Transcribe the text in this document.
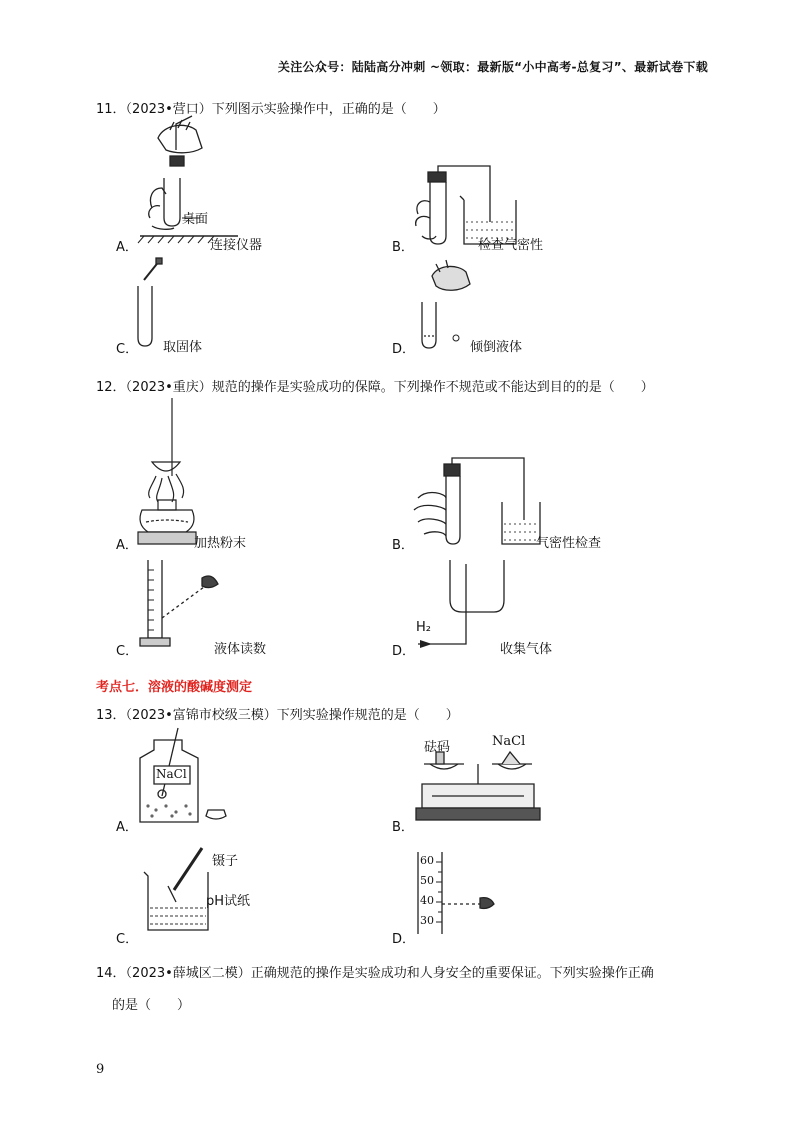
关注公众号：陆陆高分冲刺 ~领取：最新版“小中高考-总复习”、最新试卷下载
11．（2023•营口）下列图示实验操作中，正确的是（　　）
桌面
A．	连接仪器	B．	检查气密性
C． 取固体	D．	倾倒液体
12．（2023•重庆）规范的操作是实验成功的保障。下列操作不规范或不能达到目的的是（　　）
A．	加热粉末	B．	气密性检查
C．	液体读数
H₂
D．	收集气体
考点七．溶液的酸碱度测定
13．（2023•富锦市校级三模）下列实验操作规范的是（　　）
NaCl
A．
砝码	NaCl
B．
镊子
pH试纸
C．
60
50
40
30
D．
14．（2023•薛城区二模）正确规范的操作是实验成功和人身安全的重要保证。下列实验操作正确
的是（　　）
9
